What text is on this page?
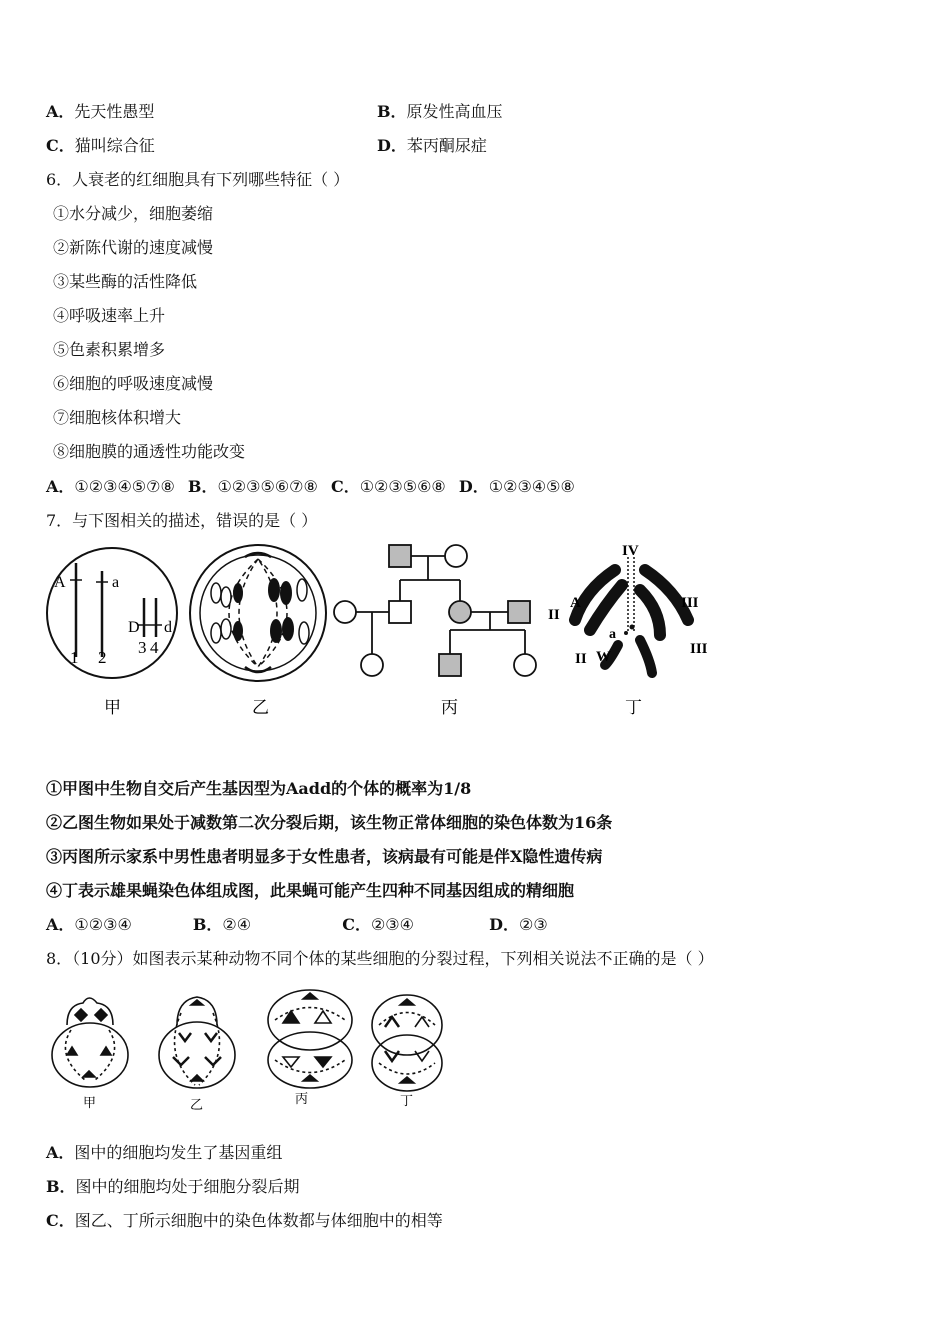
A．先天性愚型	B．原发性高血压
C．猫叫综合征	D．苯丙酮尿症
6．人衰老的红细胞具有下列哪些特征（ ）
①水分减少，细胞萎缩
②新陈代谢的速度减慢
③某些酶的活性降低
④呼吸速率上升
⑤色素积累增多
⑥细胞的呼吸速度减慢
⑦细胞核体积增大
⑧细胞膜的通透性功能改变
A．①②③④⑤⑦⑧ B．①②③⑤⑥⑦⑧ C．①②③⑤⑥⑧ D．①②③④⑤⑧
7．与下图相关的描述，错误的是（ ）
A	a
D d
1 2
3 4
IV
III
II
A
a
II W	III
甲	乙	丙	丁
①甲图中生物自交后产生基因型为Aadd的个体的概率为1/8
②乙图生物如果处于减数第二次分裂后期，该生物正常体细胞的染色体数为16条
③丙图所示家系中男性患者明显多于女性患者，该病最有可能是伴X隐性遗传病
④丁表示雄果蝇染色体组成图，此果蝇可能产生四种不同基因组成的精细胞
A．①②③④	B．②④	C．②③④	D．②③
8．（10分）如图表示某种动物不同个体的某些细胞的分裂过程，下列相关说法不正确的是（ ）
甲	乙	丙	丁
A．图中的细胞均发生了基因重组
B．图中的细胞均处于细胞分裂后期
C．图乙、丁所示细胞中的染色体数都与体细胞中的相等
